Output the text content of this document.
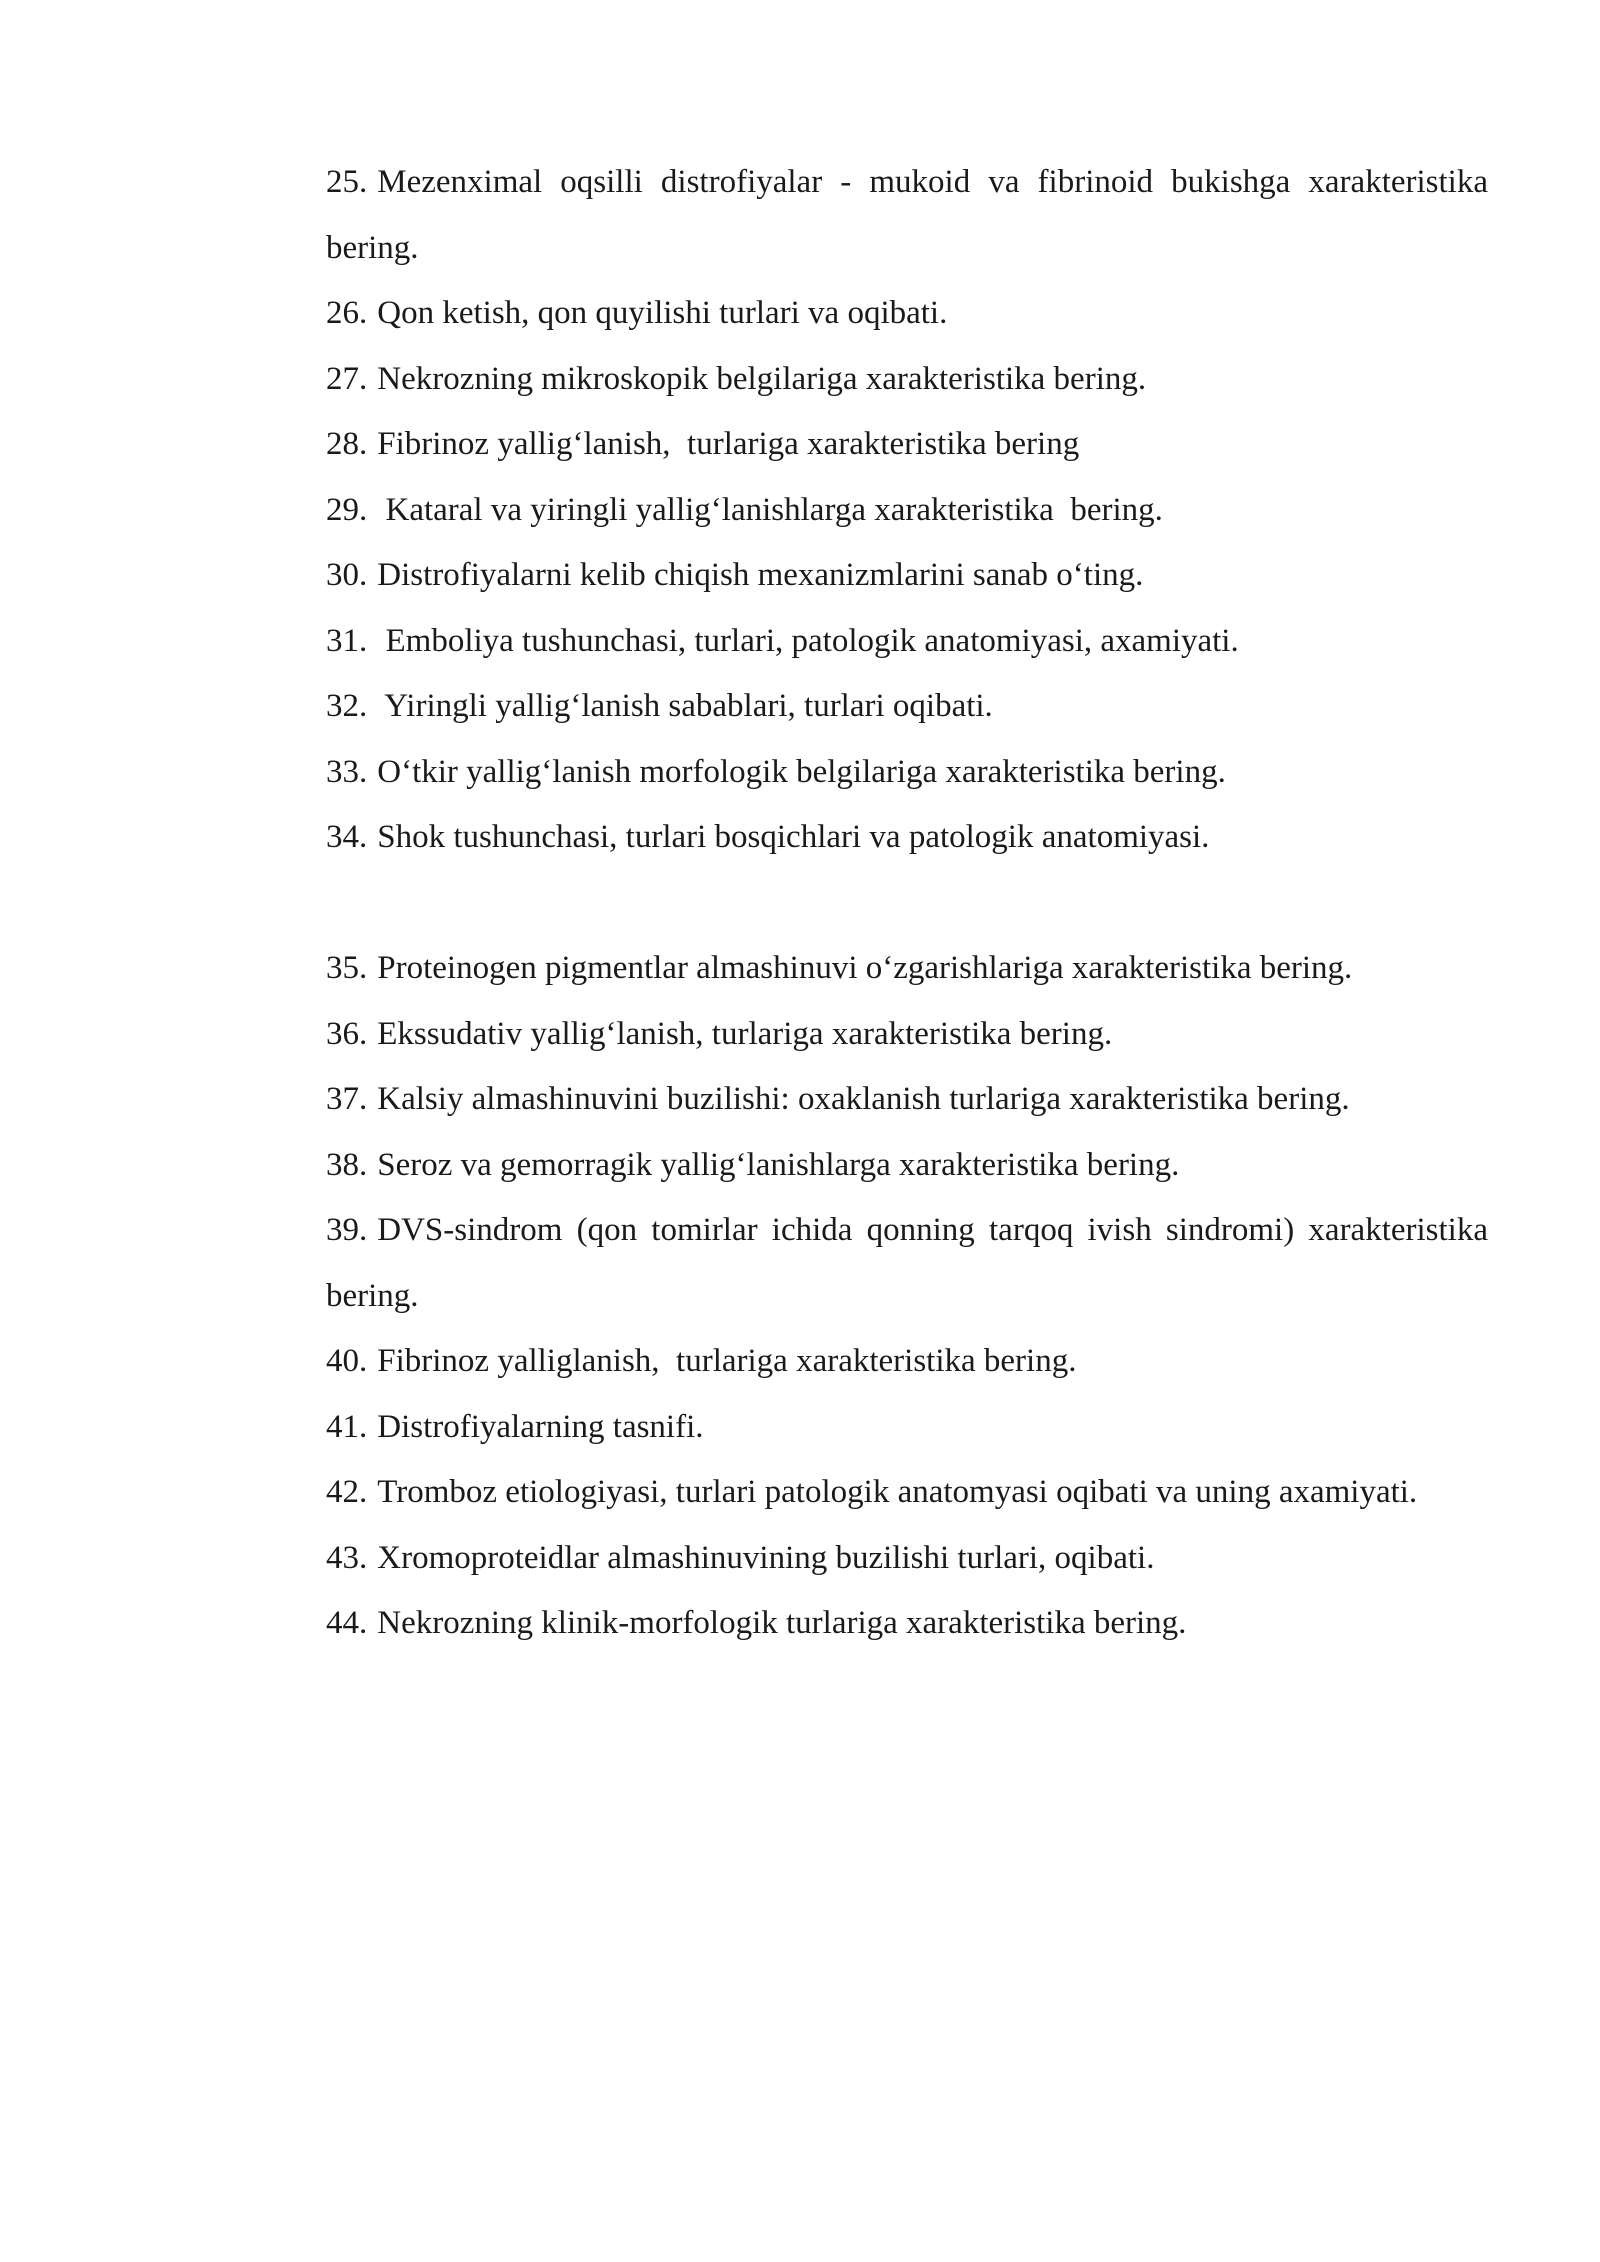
25. Mezenximal oqsilli distrofiyalar - mukoid va fibrinoid bukishga xarakteristika bering.
26. Qon ketish, qon quyilishi turlari va oqibati.
27. Nekrozning mikroskopik belgilariga xarakteristika bering.
28. Fibrinoz yallig‘lanish,  turlariga xarakteristika bering
29. Kataral va yiringli yallig‘lanishlarga xarakteristika  bering.
30. Distrofiyalarni kelib chiqish mexanizmlarini sanab o‘ting.
31. Emboliya tushunchasi, turlari, patologik anatomiyasi, axamiyati.
32. Yiringli yallig‘lanish sabablari, turlari oqibati.
33. O‘tkir yallig‘lanish morfologik belgilariga xarakteristika bering.
34. Shok tushunchasi, turlari bosqichlari va patologik anatomiyasi.
35. Proteinogen pigmentlar almashinuvi o‘zgarishlariga xarakteristika bering.
36. Ekssudativ yallig‘lanish, turlariga xarakteristika bering.
37. Kalsiy almashinuvini buzilishi: oxaklanish turlariga xarakteristika bering.
38. Seroz va gemorragik yallig‘lanishlarga xarakteristika bering.
39. DVS-sindrom (qon tomirlar ichida qonning tarqoq ivish sindromi) xarakteristika bering.
40. Fibrinoz yalliglanish,  turlariga xarakteristika bering.
41. Distrofiyalarning tasnifi.
42. Tromboz etiologiyasi, turlari patologik anatomyasi oqibati va uning axamiyati.
43. Xromoproteidlar almashinuvining buzilishi turlari, oqibati.
44. Nekrozning klinik-morfologik turlariga xarakteristika bering.
